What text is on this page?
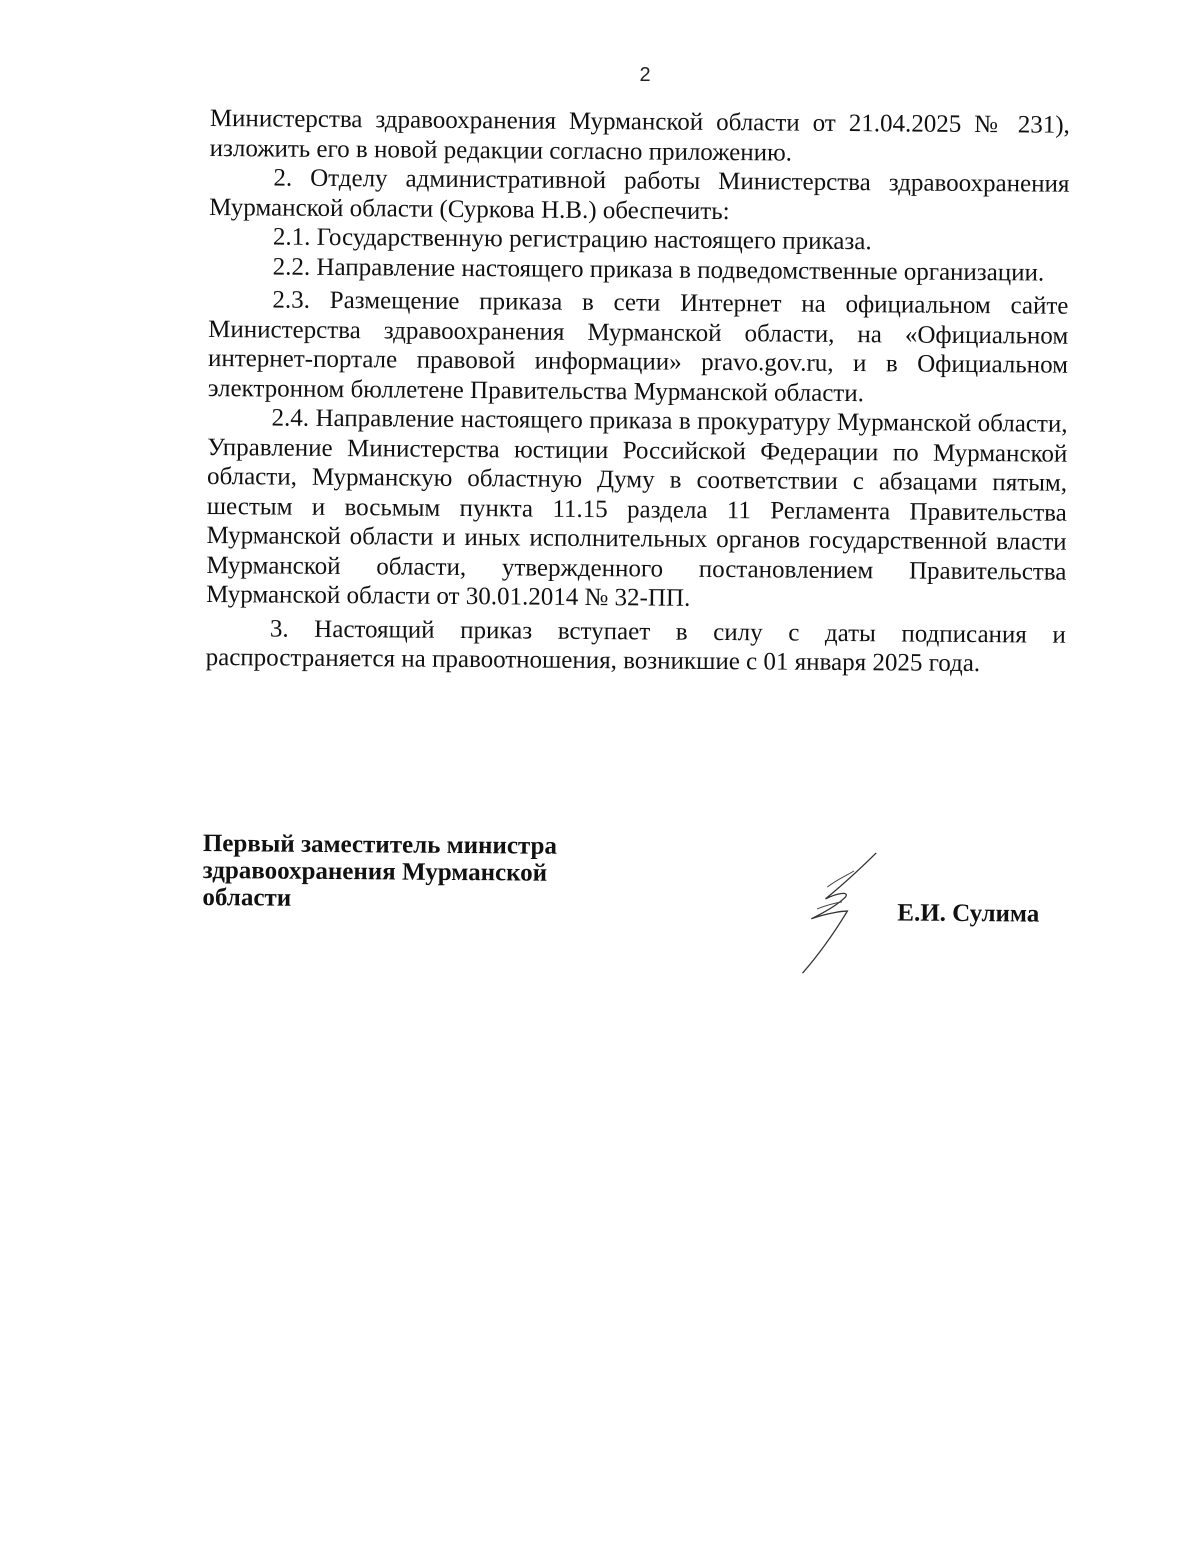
2

Министерства здравоохранения Мурманской области от 21.04.2025 № 231), изложить его в новой редакции согласно приложению.

2. Отделу административной работы Министерства здравоохранения Мурманской области (Суркова Н.В.) обеспечить:

2.1. Государственную регистрацию настоящего приказа.

2.2. Направление настоящего приказа в подведомственные организации.

2.3. Размещение приказа в сети Интернет на официальном сайте Министерства здравоохранения Мурманской области, на «Официальном интернет-портале правовой информации» pravo.gov.ru, и в Официальном электронном бюллетене Правительства Мурманской области.

2.4. Направление настоящего приказа в прокуратуру Мурманской области, Управление Министерства юстиции Российской Федерации по Мурманской области, Мурманскую областную Думу в соответствии с абзацами пятым, шестым и восьмым пункта 11.15 раздела 11 Регламента Правительства Мурманской области и иных исполнительных органов государственной власти Мурманской области, утвержденного постановлением Правительства Мурманской области от 30.01.2014 № 32-ПП.

3. Настоящий приказ вступает в силу с даты подписания и распространяется на правоотношения, возникшие с 01 января 2025 года.

Первый заместитель министра
здравоохранения Мурманской
области
Е.И. Сулима
